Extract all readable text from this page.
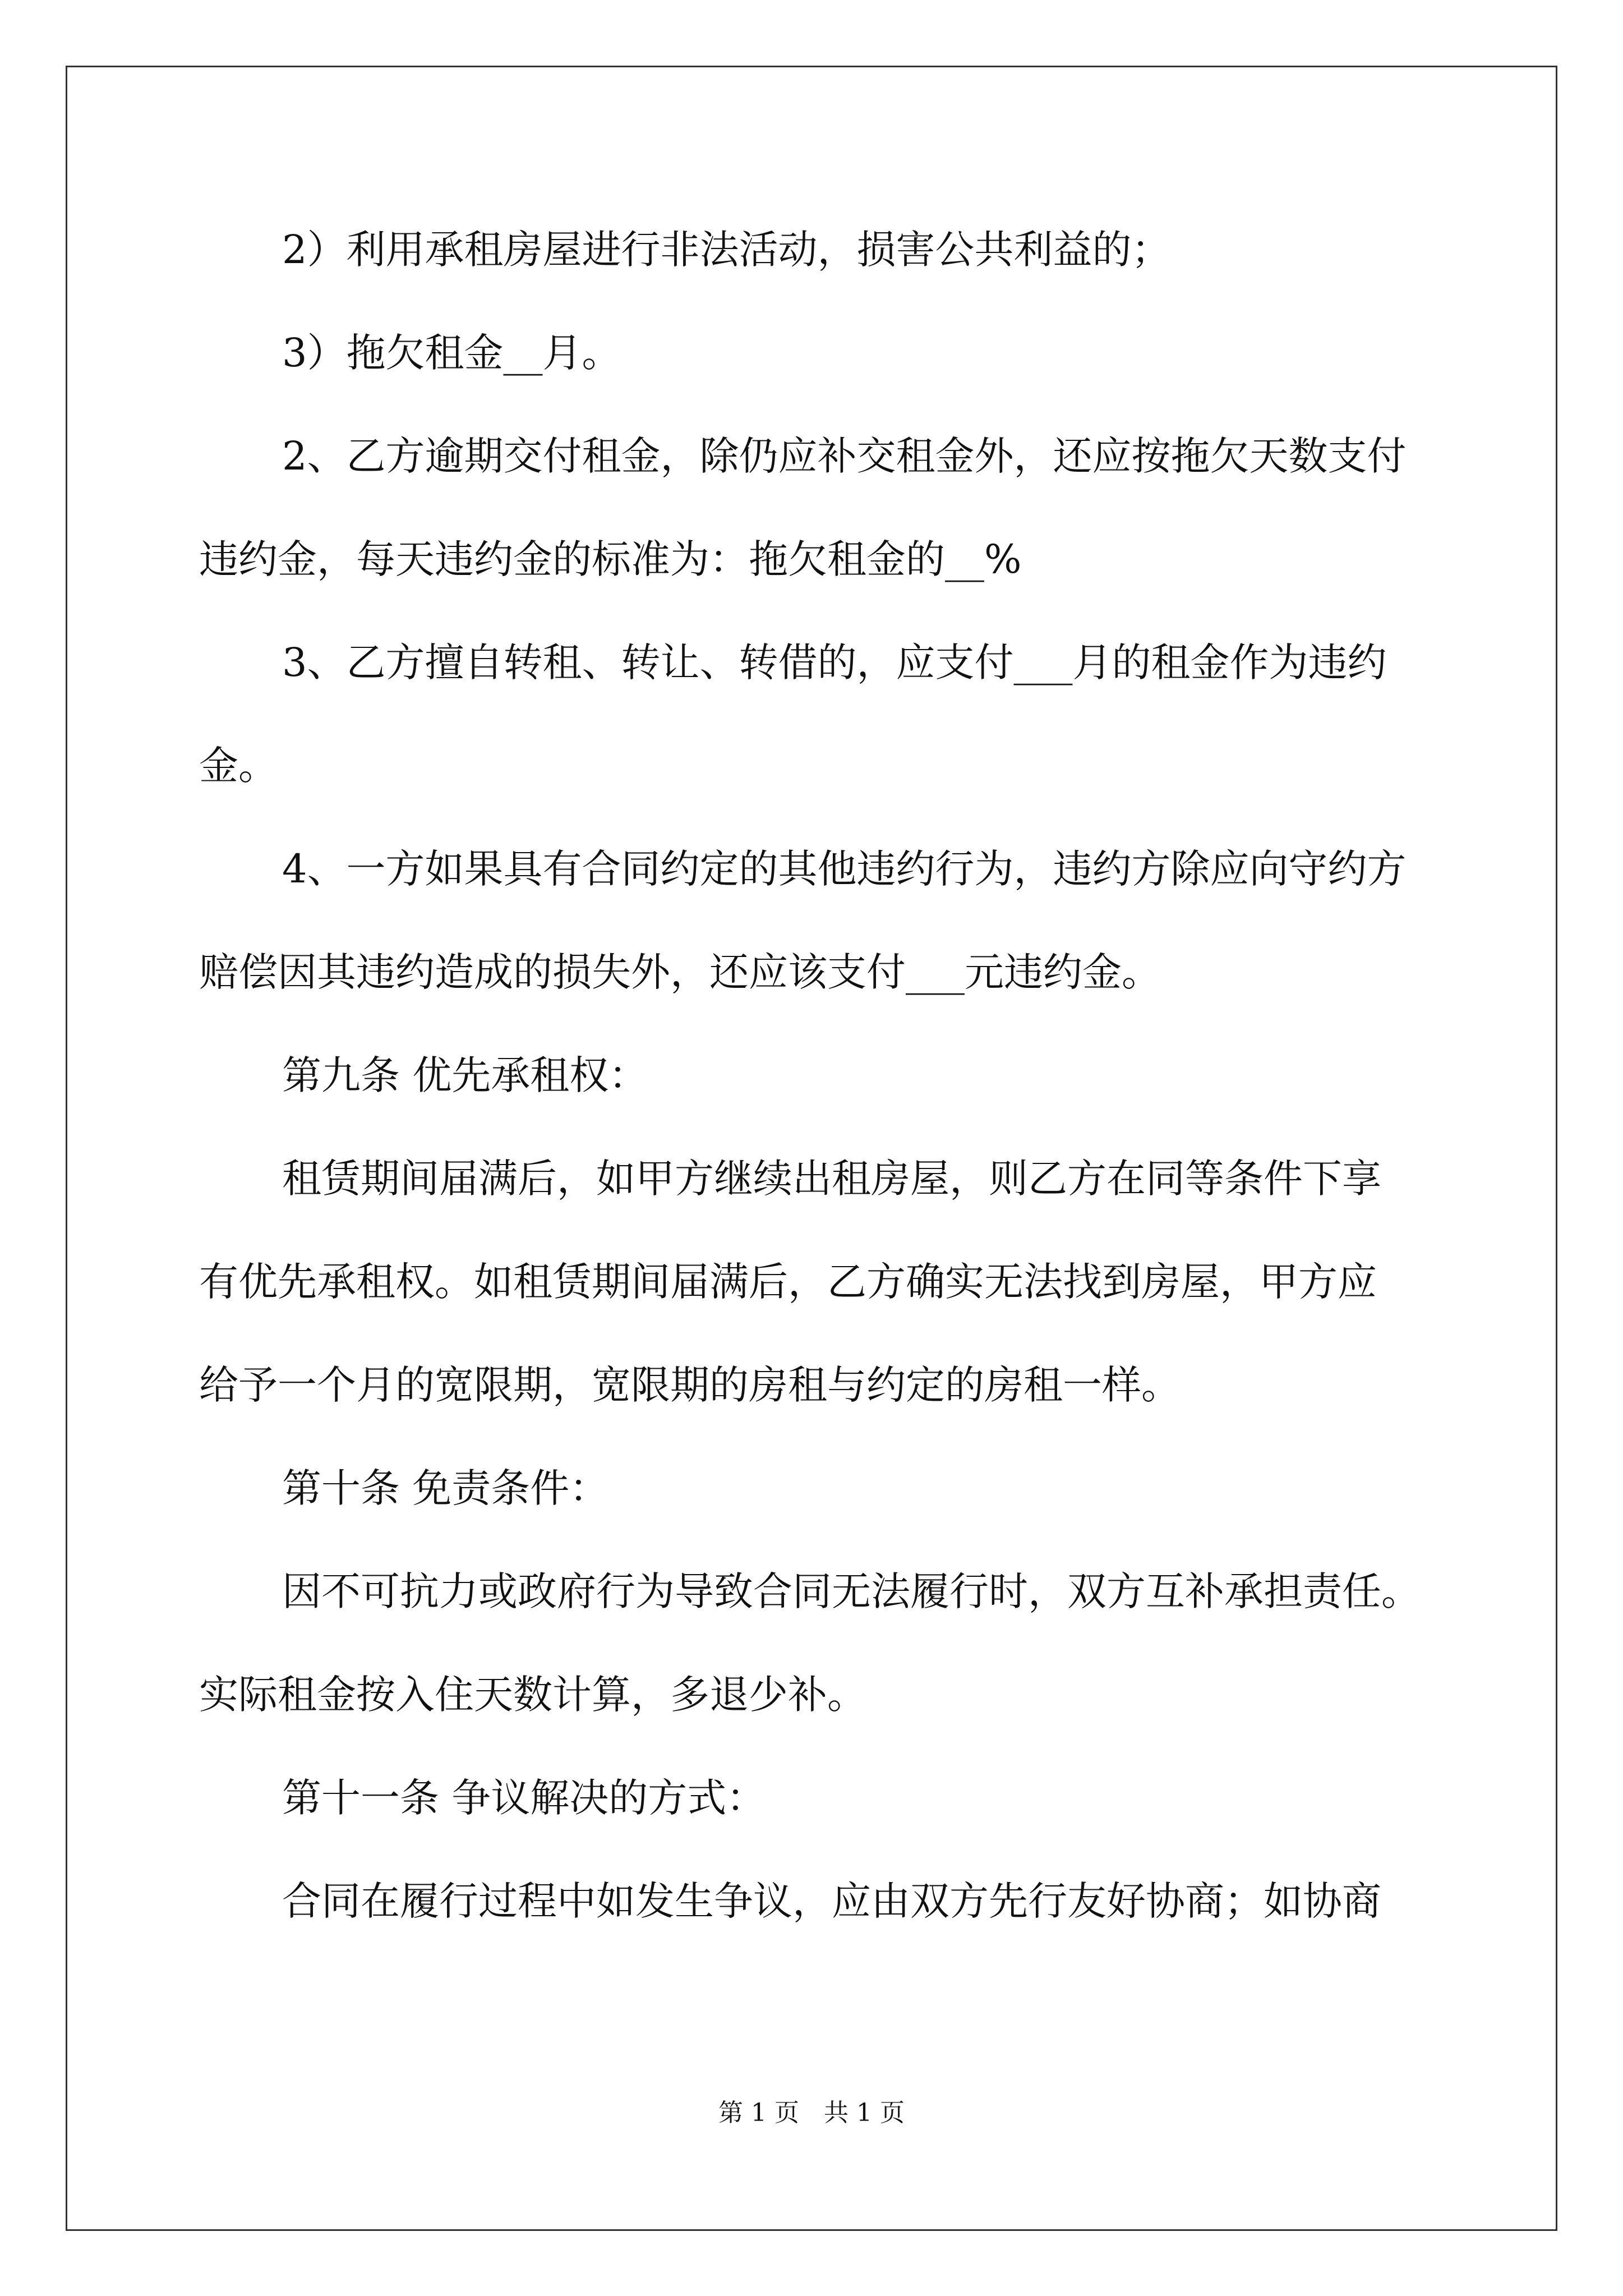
2）利用承租房屋进行非法活动，损害公共利益的；
3）拖欠租金__月。
2、乙方逾期交付租金，除仍应补交租金外，还应按拖欠天数支付
违约金，每天违约金的标准为：拖欠租金的__%
3、乙方擅自转租、转让、转借的，应支付___月的租金作为违约
金。
4、一方如果具有合同约定的其他违约行为，违约方除应向守约方
赔偿因其违约造成的损失外，还应该支付___元违约金。
第九条 优先承租权：
租赁期间届满后，如甲方继续出租房屋，则乙方在同等条件下享
有优先承租权。如租赁期间届满后，乙方确实无法找到房屋，甲方应
给予一个月的宽限期，宽限期的房租与约定的房租一样。
第十条 免责条件：
因不可抗力或政府行为导致合同无法履行时，双方互补承担责任。
实际租金按入住天数计算，多退少补。
第十一条 争议解决的方式：
合同在履行过程中如发生争议，应由双方先行友好协商；如协商
第 1 页　共 1 页
